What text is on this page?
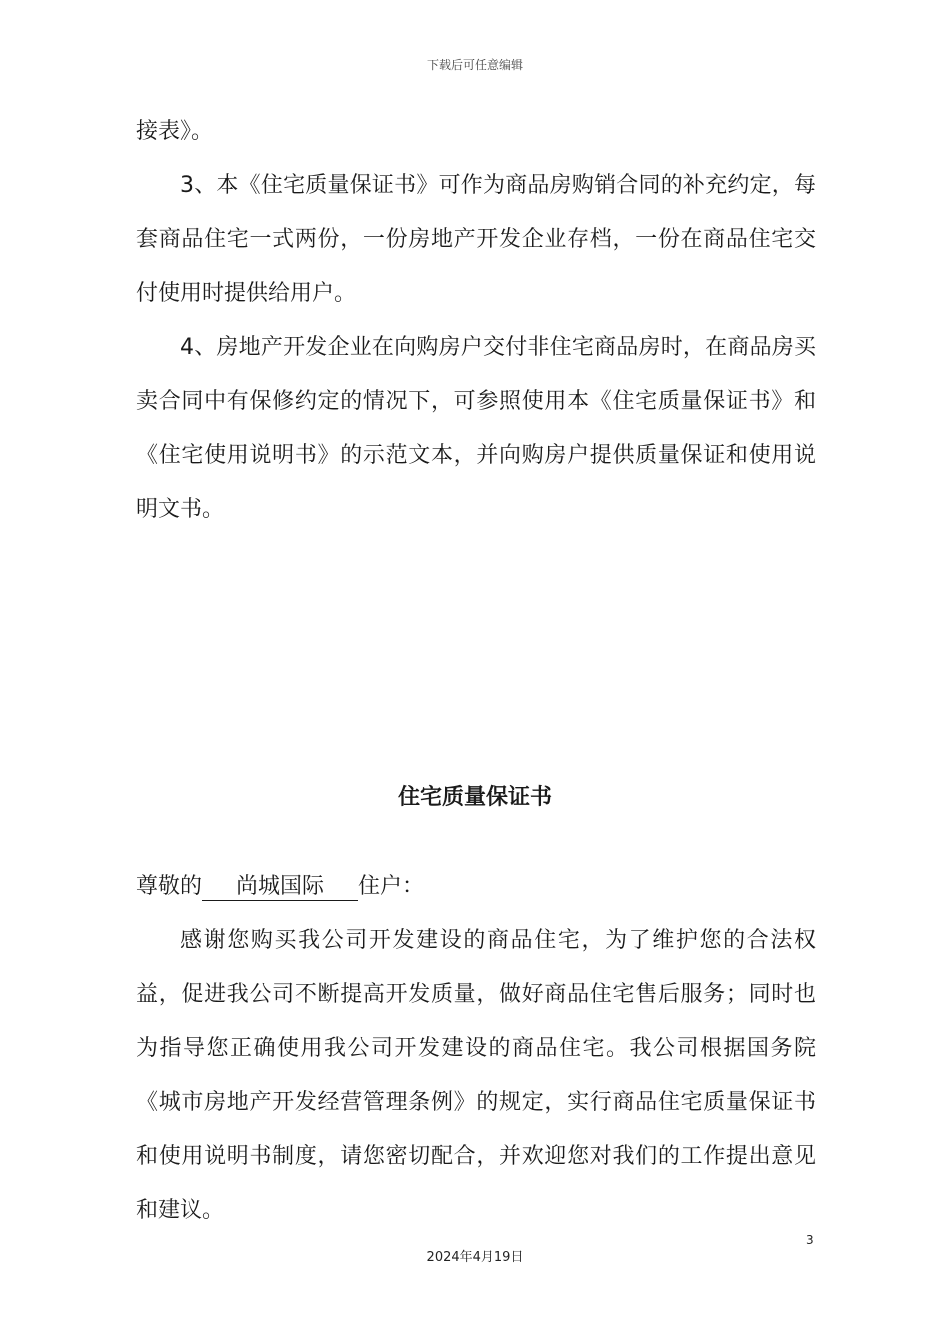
下载后可任意编辑

接表》。

3、本《住宅质量保证书》可作为商品房购销合同的补充约定，每套商品住宅一式两份，一份房地产开发企业存档，一份在商品住宅交付使用时提供给用户。

4、房地产开发企业在向购房户交付非住宅商品房时，在商品房买卖合同中有保修约定的情况下，可参照使用本《住宅质量保证书》和《住宅使用说明书》的示范文本，并向购房户提供质量保证和使用说明文书。

住宅质量保证书

尊敬的 尚城国际 住户：

感谢您购买我公司开发建设的商品住宅，为了维护您的合法权益，促进我公司不断提高开发质量，做好商品住宅售后服务；同时也为指导您正确使用我公司开发建设的商品住宅。我公司根据国务院《城市房地产开发经营管理条例》的规定，实行商品住宅质量保证书和使用说明书制度，请您密切配合，并欢迎您对我们的工作提出意见和建议。

3
2024年4月19日
